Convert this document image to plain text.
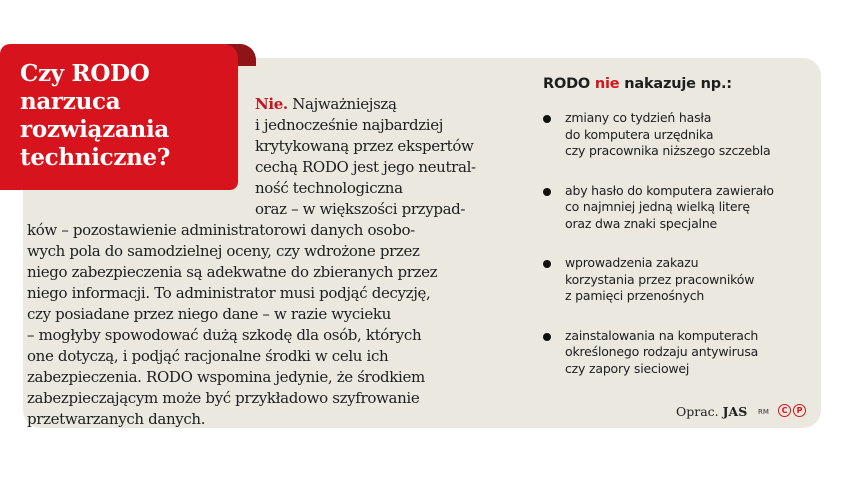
Czy RODO
narzuca
rozwiązania
techniczne?
Nie. Najważniejszą
i jednocześnie najbardziej
krytykowaną przez ekspertów
cechą RODO jest jego neutral-
ność technologiczna
oraz – w większości przypad-
ków – pozostawienie administratorowi danych osobo-
wych pola do samodzielnej oceny, czy wdrożone przez
niego zabezpieczenia są adekwatne do zbieranych przez
niego informacji. To administrator musi podjąć decyzję,
czy posiadane przez niego dane – w razie wycieku
– mogłyby spowodować dużą szkodę dla osób, których
one dotyczą, i podjąć racjonalne środki w celu ich
zabezpieczenia. RODO wspomina jedynie, że środkiem
zabezpieczającym może być przykładowo szyfrowanie
przetwarzanych danych.
RODO nie nakazuje np.:
zmiany co tydzień hasła
do komputera urzędnika
czy pracownika niższego szczebla
aby hasło do komputera zawierało
co najmniej jedną wielką literę
oraz dwa znaki specjalne
wprowadzenia zakazu
korzystania przez pracowników
z pamięci przenośnych
zainstalowania na komputerach
określonego rodzaju antywirusa
czy zapory sieciowej
Oprac. JAS RM	C	P
